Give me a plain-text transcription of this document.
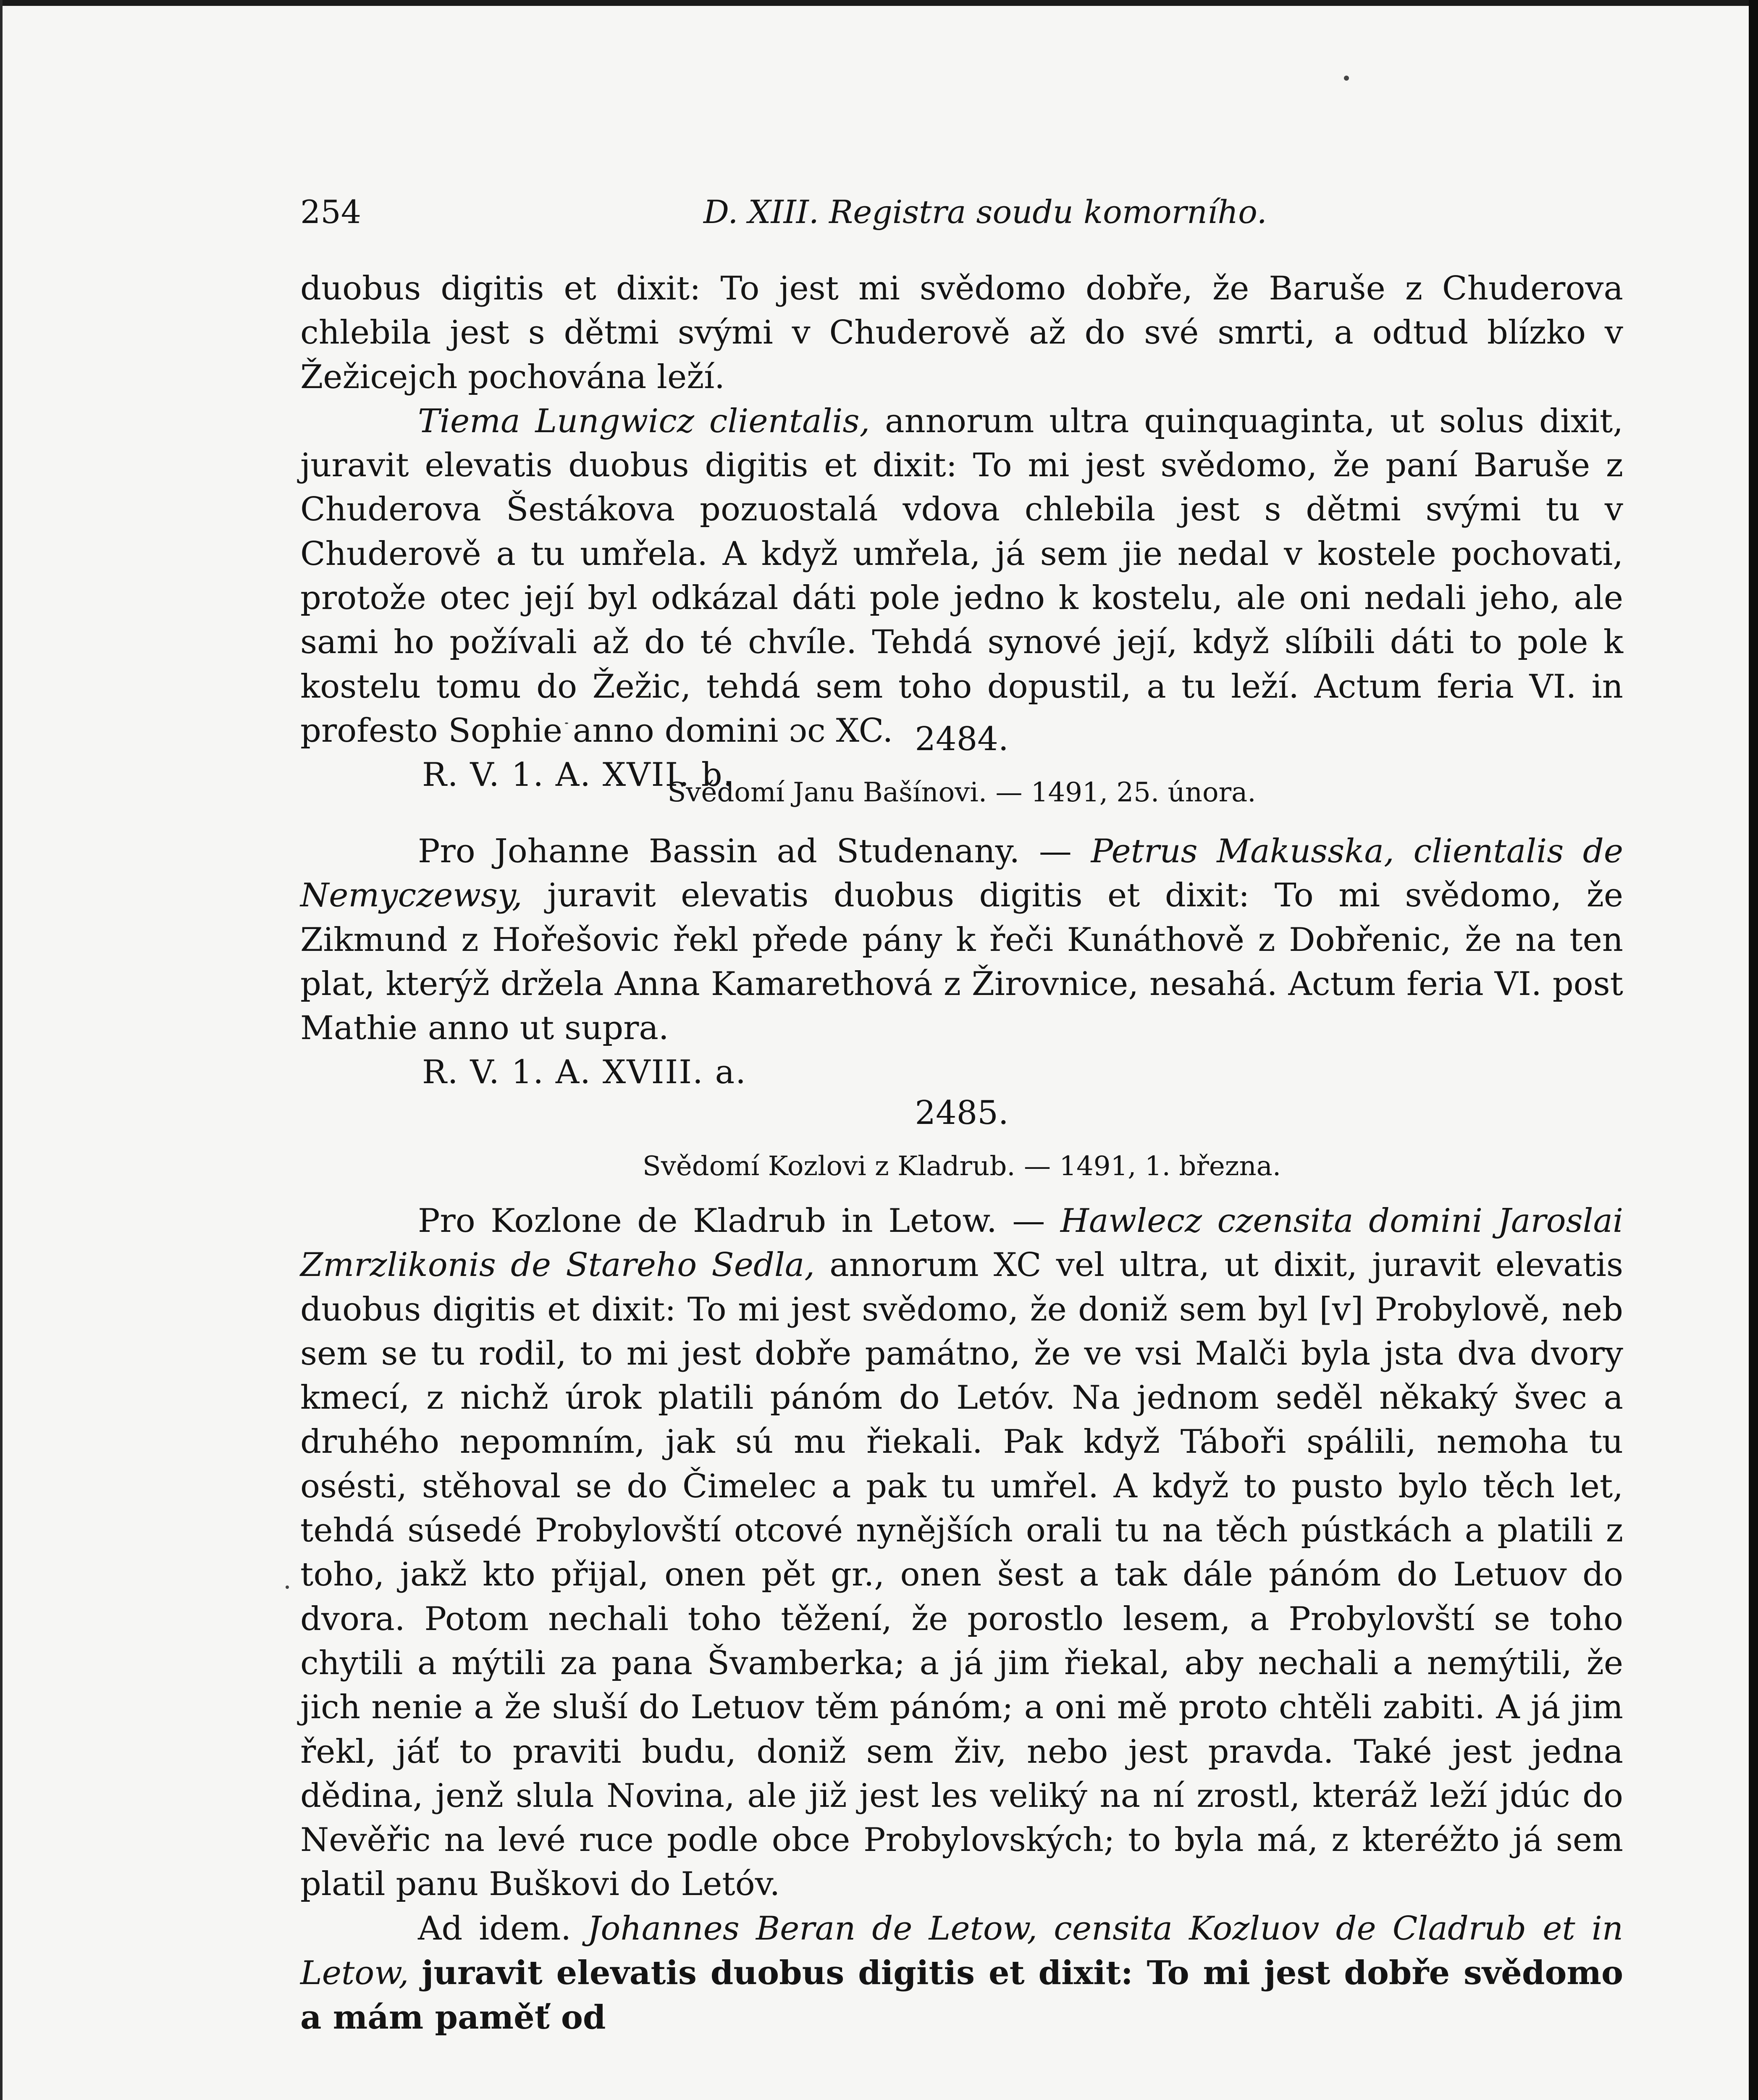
254	D. XIII. Registra soudu komorního.

duobus digitis et dixit: To jest mi svědomo dobře, že Baruše z Chuderova chlebila jest s dětmi svými v Chuderově až do své smrti, a odtud blízko v Žežicejch pochována leží.

Tiema Lungwicz clientalis, annorum ultra quinquaginta, ut solus dixit, juravit elevatis duobus digitis et dixit: To mi jest svědomo, že paní Baruše z Chuderova Šestákova pozuostalá vdova chlebila jest s dětmi svými tu v Chuderově a tu umřela. A když umřela, já sem jie nedal v kostele pochovati, protože otec její byl odkázal dáti pole jedno k kostelu, ale oni nedali jeho, ale sami ho požívali až do té chvíle. Tehdá synové její, když slíbili dáti to pole k kostelu tomu do Žežic, tehdá sem toho dopustil, a tu leží. Actum feria VI. in profesto Sophie anno domini ɔc XC.

R. V. 1. A. XVII. b.

2484.
Svědomí Janu Bašínovi. — 1491, 25. února.

Pro Johanne Bassin ad Studenany. — Petrus Makusska, clientalis de Nemyczewsy, juravit elevatis duobus digitis et dixit: To mi svědomo, že Zikmund z Hořešovic řekl přede pány k řeči Kunáthově z Dobřenic, že na ten plat, kterýž držela Anna Kamarethová z Žirovnice, nesahá. Actum feria VI. post Mathie anno ut supra.

R. V. 1. A. XVIII. a.

2485.
Svědomí Kozlovi z Kladrub. — 1491, 1. března.

Pro Kozlone de Kladrub in Letow. — Hawlecz czensita domini Jaroslai Zmrzlikonis de Stareho Sedla, annorum XC vel ultra, ut dixit, juravit elevatis duobus digitis et dixit: To mi jest svědomo, že doniž sem byl [v] Probylově, neb sem se tu rodil, to mi jest dobře památno, že ve vsi Malči byla jsta dva dvory kmecí, z nichž úrok platili pánóm do Letóv. Na jednom seděl někaký švec a druhého nepomním, jak sú mu řiekali. Pak když Táboři spálili, nemoha tu osésti, stěhoval se do Čimelec a pak tu umřel. A když to pusto bylo těch let, tehdá súsedé Probylovští otcové nynějších orali tu na těch pústkách a platili z toho, jakž kto přijal, onen pět gr., onen šest a tak dále pánóm do Letuov do dvora. Potom nechali toho těžení, že porostlo lesem, a Probylovští se toho chytili a mýtili za pana Švamberka; a já jim řiekal, aby nechali a nemýtili, že jich nenie a že sluší do Letuov těm pánóm; a oni mě proto chtěli zabiti. A já jim řekl, jáť to praviti budu, doniž sem živ, nebo jest pravda. Také jest jedna dědina, jenž slula Novina, ale již jest les veliký na ní zrostl, kteráž leží jdúc do Nevěřic na levé ruce podle obce Probylovských; to byla má, z kteréžto já sem platil panu Buškovi do Letóv.

Ad idem. Johannes Beran de Letow, censita Kozluov de Cladrub et in Letow, juravit elevatis duobus digitis et dixit: To mi jest dobře svědomo a mám paměť od
